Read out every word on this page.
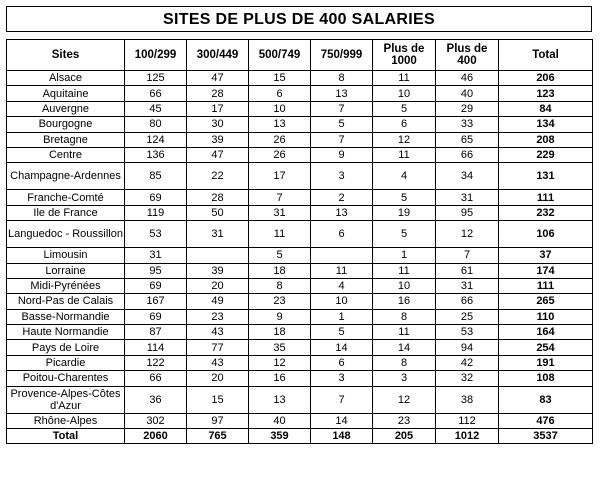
SITES DE PLUS DE 400 SALARIES
Sites	100/299	300/449	500/749	750/999	Plus de 1000	Plus de 400	Total
Alsace	125	47	15	8	11	46	206
Aquitaine	66	28	6	13	10	40	123
Auvergne	45	17	10	7	5	29	84
Bourgogne	80	30	13	5	6	33	134
Bretagne	124	39	26	7	12	65	208
Centre	136	47	26	9	11	66	229
Champagne-Ardennes	85	22	17	3	4	34	131
Franche-Comté	69	28	7	2	5	31	111
Ile de France	119	50	31	13	19	95	232
Languedoc - Roussillon	53	31	11	6	5	12	106
Limousin	31		5		1	7	37
Lorraine	95	39	18	11	11	61	174
Midi-Pyrénées	69	20	8	4	10	31	111
Nord-Pas de Calais	167	49	23	10	16	66	265
Basse-Normandie	69	23	9	1	8	25	110
Haute Normandie	87	43	18	5	11	53	164
Pays de Loire	114	77	35	14	14	94	254
Picardie	122	43	12	6	8	42	191
Poitou-Charentes	66	20	16	3	3	32	108
Provence-Alpes-Côtes d'Azur	36	15	13	7	12	38	83
Rhône-Alpes	302	97	40	14	23	112	476
Total	2060	765	359	148	205	1012	3537
